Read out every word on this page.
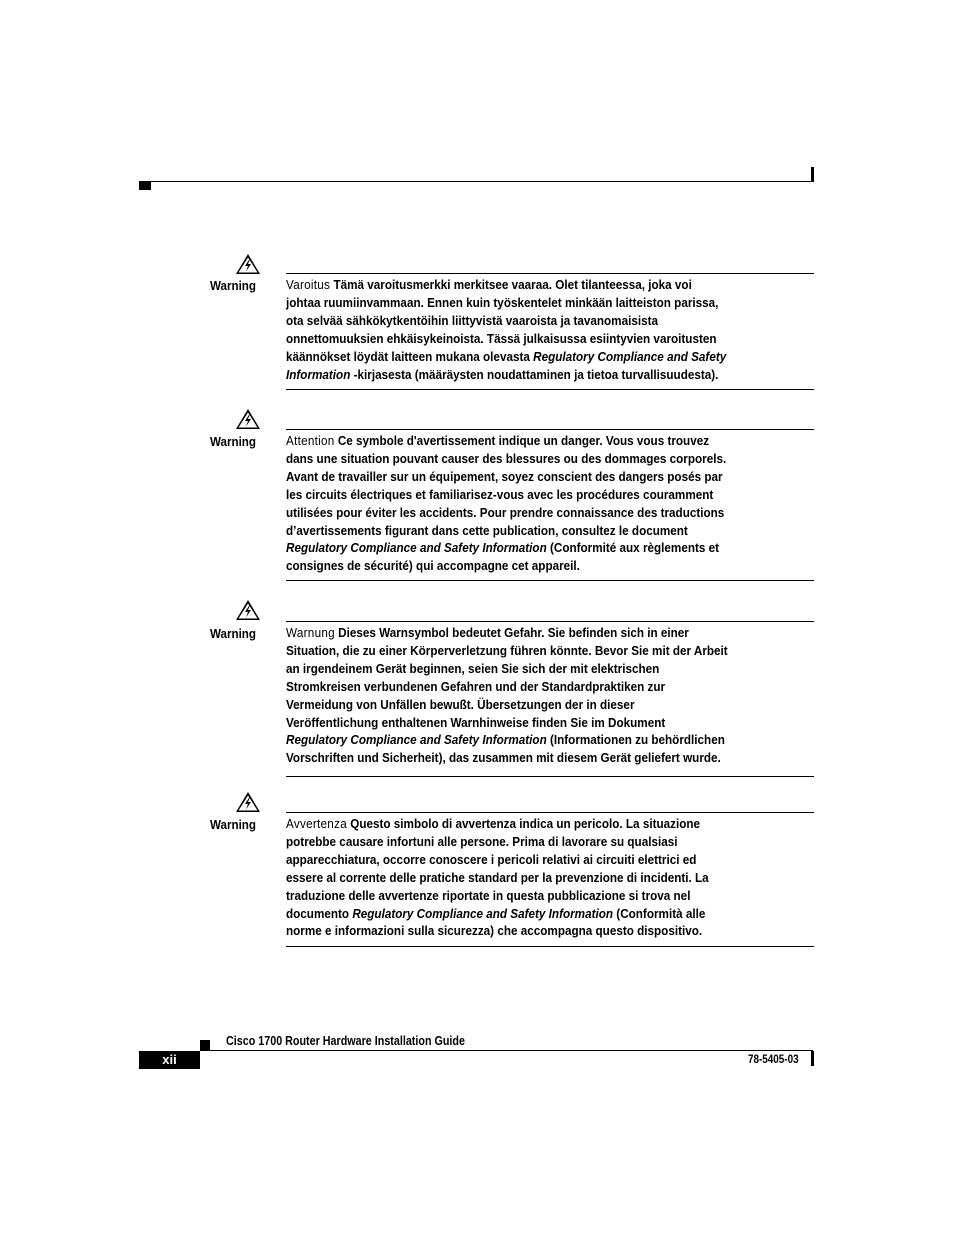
Warning Varoitus Tämä varoitusmerkki merkitsee vaaraa. Olet tilanteessa, joka voi
johtaa ruumiinvammaan. Ennen kuin työskentelet minkään laitteiston parissa,
ota selvää sähkökytkentöihin liittyvistä vaaroista ja tavanomaisista
onnettomuuksien ehkäisykeinoista. Tässä julkaisussa esiintyvien varoitusten
käännökset löydät laitteen mukana olevasta Regulatory Compliance and Safety
Information -kirjasesta (määräysten noudattaminen ja tietoa turvallisuudesta).
Warning Attention Ce symbole d'avertissement indique un danger. Vous vous trouvez
dans une situation pouvant causer des blessures ou des dommages corporels.
Avant de travailler sur un équipement, soyez conscient des dangers posés par
les circuits électriques et familiarisez-vous avec les procédures couramment
utilisées pour éviter les accidents. Pour prendre connaissance des traductions
d’avertissements figurant dans cette publication, consultez le document
Regulatory Compliance and Safety Information (Conformité aux règlements et
consignes de sécurité) qui accompagne cet appareil.
Warning Warnung Dieses Warnsymbol bedeutet Gefahr. Sie befinden sich in einer
Situation, die zu einer Körperverletzung führen könnte. Bevor Sie mit der Arbeit
an irgendeinem Gerät beginnen, seien Sie sich der mit elektrischen
Stromkreisen verbundenen Gefahren und der Standardpraktiken zur
Vermeidung von Unfällen bewußt. Übersetzungen der in dieser
Veröffentlichung enthaltenen Warnhinweise finden Sie im Dokument
Regulatory Compliance and Safety Information (Informationen zu behördlichen
Vorschriften und Sicherheit), das zusammen mit diesem Gerät geliefert wurde.
Warning Avvertenza Questo simbolo di avvertenza indica un pericolo. La situazione
potrebbe causare infortuni alle persone. Prima di lavorare su qualsiasi
apparecchiatura, occorre conoscere i pericoli relativi ai circuiti elettrici ed
essere al corrente delle pratiche standard per la prevenzione di incidenti. La
traduzione delle avvertenze riportate in questa pubblicazione si trova nel
documento Regulatory Compliance and Safety Information (Conformità alle
norme e informazioni sulla sicurezza) che accompagna questo dispositivo.
Cisco 1700 Router Hardware Installation Guide
xii	78-5405-03
